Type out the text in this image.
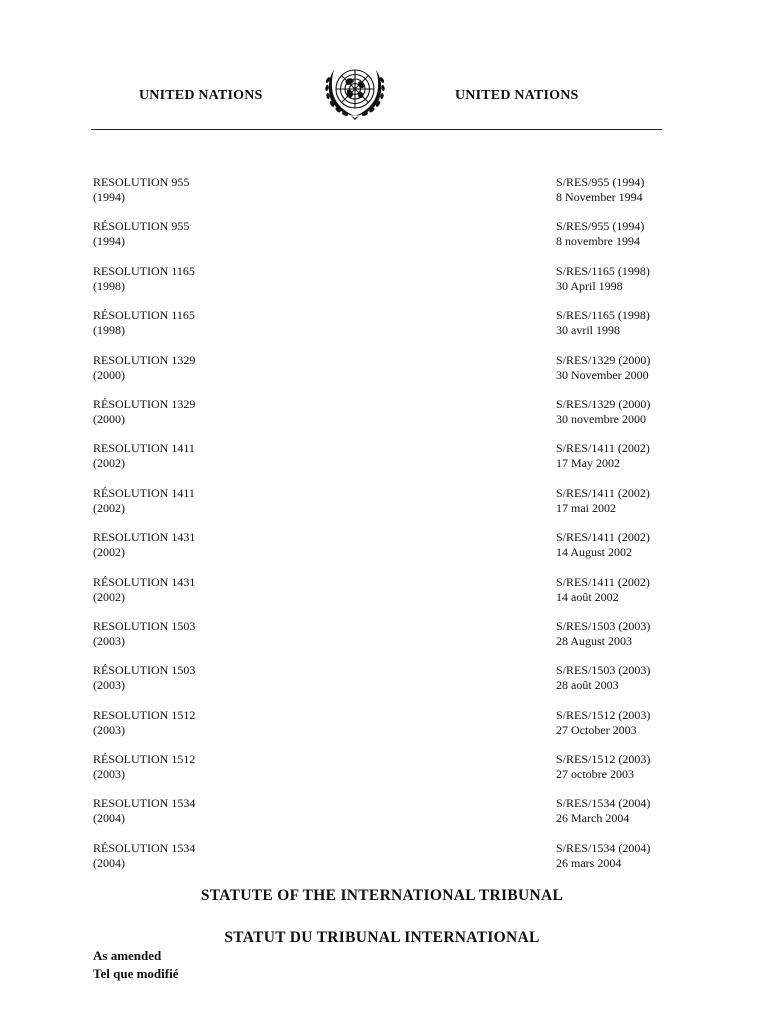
UNITED NATIONS	UNITED NATIONS
RESOLUTION 955
(1994)
S/RES/955 (1994)
8 November 1994
RÉSOLUTION 955
(1994)
S/RES/955 (1994)
8 novembre 1994
RESOLUTION 1165
(1998)
S/RES/1165 (1998)
30 April 1998
RÉSOLUTION 1165
(1998)
S/RES/1165 (1998)
30 avril 1998
RESOLUTION 1329
(2000)
S/RES/1329 (2000)
30 November 2000
RÉSOLUTION 1329
(2000)
S/RES/1329 (2000)
30 novembre 2000
RESOLUTION 1411
(2002)
S/RES/1411 (2002)
17 May 2002
RÉSOLUTION 1411
(2002)
S/RES/1411 (2002)
17 mai 2002
RESOLUTION 1431
(2002)
S/RES/1411 (2002)
14 August 2002
RÉSOLUTION 1431
(2002)
S/RES/1411 (2002)
14 août 2002
RESOLUTION 1503
(2003)
S/RES/1503 (2003)
28 August 2003
RÉSOLUTION 1503
(2003)
S/RES/1503 (2003)
28 août 2003
RESOLUTION 1512
(2003)
S/RES/1512 (2003)
27 October 2003
RÉSOLUTION 1512
(2003)
S/RES/1512 (2003)
27 octobre 2003
RESOLUTION 1534
(2004)
S/RES/1534 (2004)
26 March 2004
RÉSOLUTION 1534
(2004)
S/RES/1534 (2004)
26 mars 2004
STATUTE OF THE INTERNATIONAL TRIBUNAL
STATUT DU TRIBUNAL INTERNATIONAL
As amended
Tel que modifié
